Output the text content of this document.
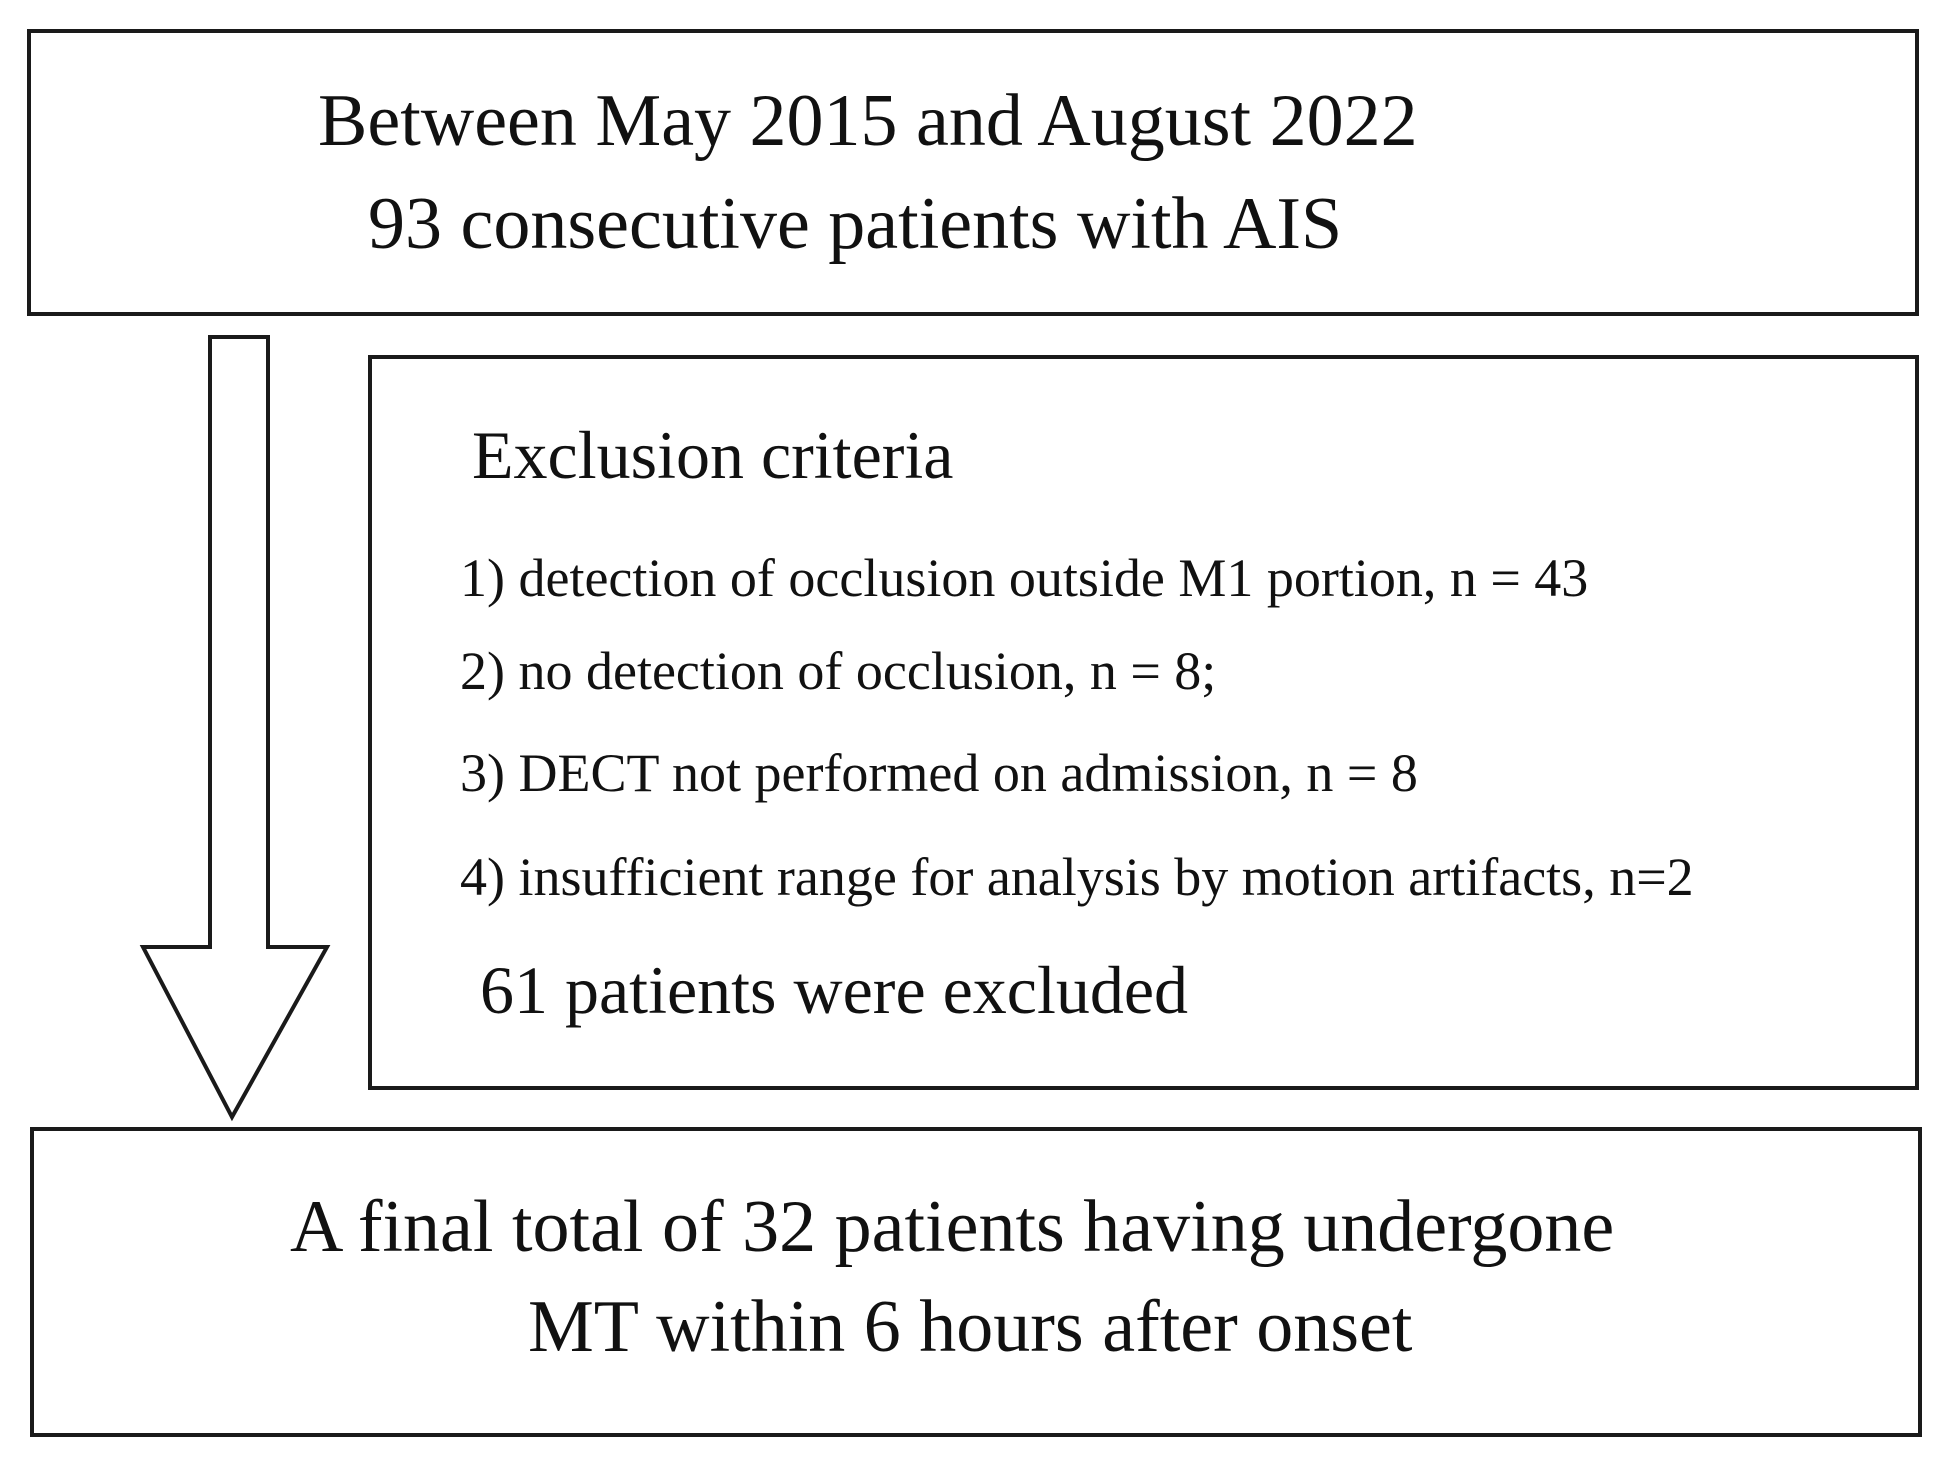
Between May 2015 and August 2022
93 consecutive patients with AIS
Exclusion criteria
1) detection of occlusion outside M1 portion, n = 43
2) no detection of occlusion, n = 8;
3) DECT not performed on admission, n = 8
4) insufficient range for analysis by motion artifacts, n=2
61 patients were excluded
A final total of 32 patients having undergone
MT within 6 hours after onset
